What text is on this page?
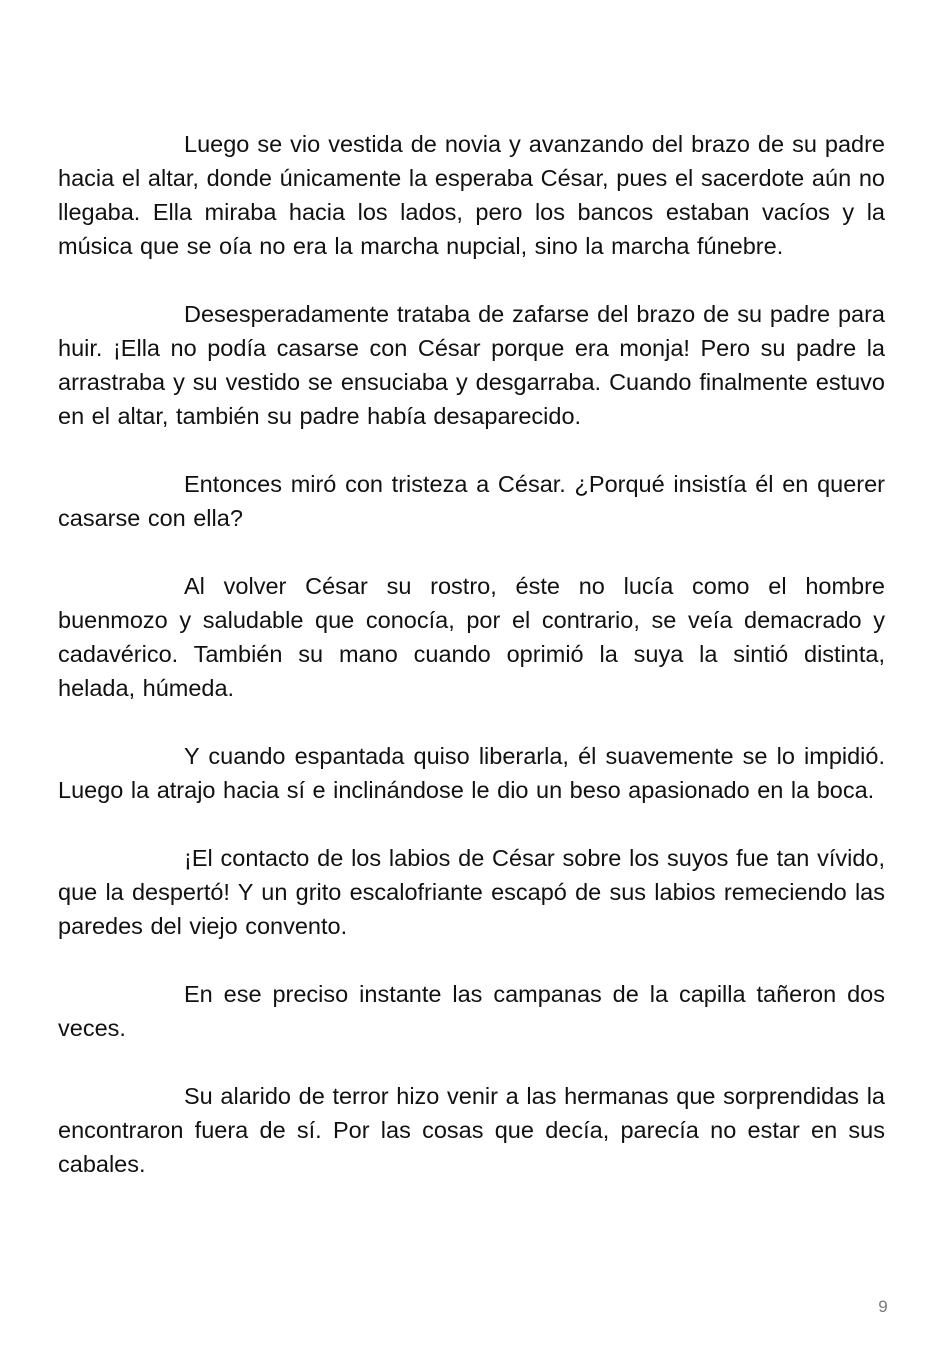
Luego se vio vestida de novia y avanzando del brazo de su padre hacia el altar, donde únicamente la esperaba César, pues el sacerdote aún no llegaba. Ella miraba hacia los lados, pero los bancos estaban vacíos y la música que se oía no era la marcha nupcial, sino la marcha fúnebre.

Desesperadamente trataba de zafarse del brazo de su padre para huir. ¡Ella no podía casarse con César porque era monja! Pero su padre la arrastraba y su vestido se ensuciaba y desgarraba. Cuando finalmente estuvo en el altar, también su padre había desaparecido.

Entonces miró con tristeza a César. ¿Porqué insistía él en querer casarse con ella?

Al volver César su rostro, éste no lucía como el hombre buenmozo y saludable que conocía, por el contrario, se veía demacrado y cadavérico. También su mano cuando oprimió la suya la sintió distinta, helada, húmeda.

Y cuando espantada quiso liberarla, él suavemente se lo impidió. Luego la atrajo hacia sí e inclinándose le dio un beso apasionado en la boca.

¡El contacto de los labios de César sobre los suyos fue tan vívido, que la despertó! Y un grito escalofriante escapó de sus labios remeciendo las paredes del viejo convento.

En ese preciso instante las campanas de la capilla tañeron dos veces.

Su alarido de terror hizo venir a las hermanas que sorprendidas la encontraron fuera de sí. Por las cosas que decía, parecía no estar en sus cabales.

9
